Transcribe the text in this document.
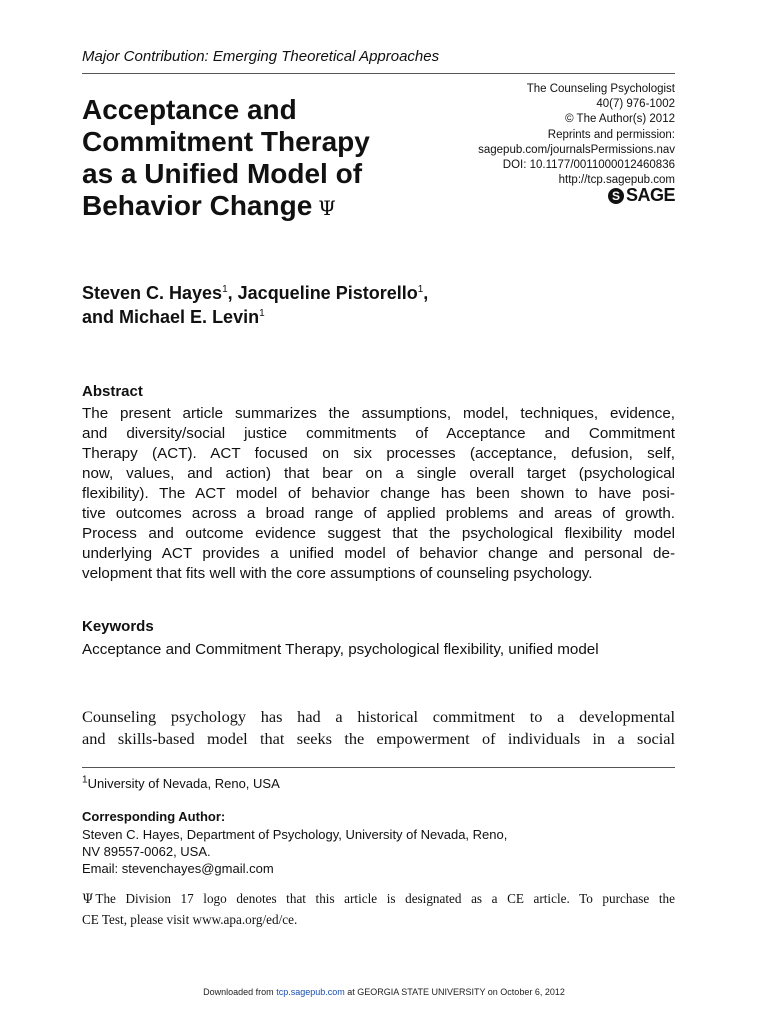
Major Contribution: Emerging Theoretical Approaches
Acceptance and
Commitment Therapy
as a Unified Model of
Behavior Change Ψ
The Counseling Psychologist
40(7) 976-1002
© The Author(s) 2012
Reprints and permission:
sagepub.com/journalsPermissions.nav
DOI: 10.1177/0011000012460836
http://tcp.sagepub.com
S SAGE
Steven C. Hayes$^1$, Jacqueline Pistorello$^1$,
and Michael E. Levin$^1$
Abstract
The present article summarizes the assumptions, model, techniques, evidence,
and diversity/social justice commitments of Acceptance and Commitment
Therapy (ACT). ACT focused on six processes (acceptance, defusion, self,
now, values, and action) that bear on a single overall target (psychological
flexibility). The ACT model of behavior change has been shown to have posi-
tive outcomes across a broad range of applied problems and areas of growth.
Process and outcome evidence suggest that the psychological flexibility model
underlying ACT provides a unified model of behavior change and personal de-
velopment that fits well with the core assumptions of counseling psychology.
Keywords
Acceptance and Commitment Therapy, psychological flexibility, unified model
Counseling psychology has had a historical commitment to a developmental
and skills-based model that seeks the empowerment of individuals in a social
$^1$University of Nevada, Reno, USA
Corresponding Author:
Steven C. Hayes, Department of Psychology, University of Nevada, Reno,
NV 89557-0062, USA.
Email: stevenchayes@gmail.com
Ψ The Division 17 logo denotes that this article is designated as a CE article. To purchase the
CE Test, please visit www.apa.org/ed/ce.
Downloaded from tcp.sagepub.com at GEORGIA STATE UNIVERSITY on October 6, 2012
